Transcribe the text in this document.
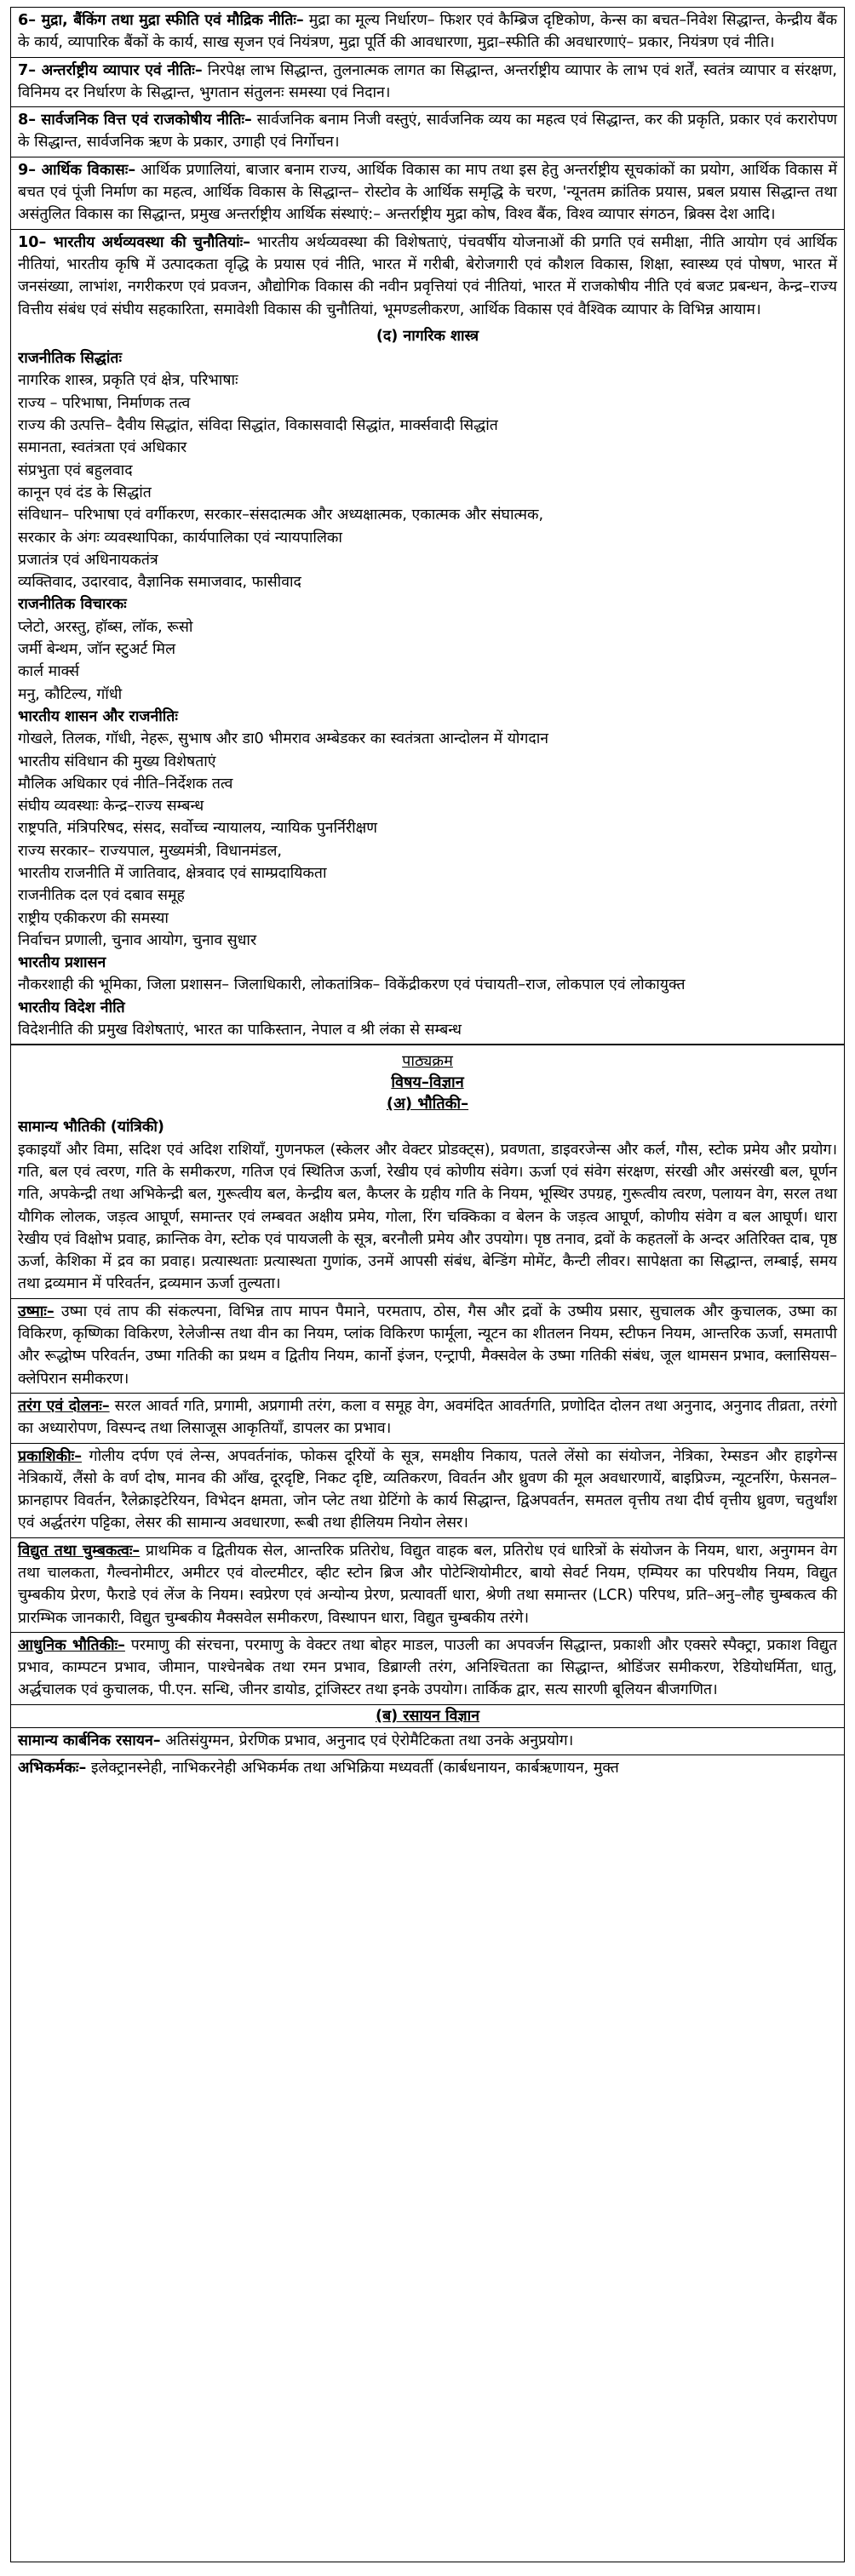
6– मुद्रा, बैंकिंग तथा मुद्रा स्फीति एवं मौद्रिक नीतिः– मुद्रा का मूल्य निर्धारण– फिशर एवं कैम्ब्रिज दृष्टिकोण, केन्स का बचत–निवेश सिद्धान्त, केन्द्रीय बैंक के कार्य, व्यापारिक बैंकों के कार्य, साख सृजन एवं नियंत्रण, मुद्रा पूर्ति की आवधारणा, मुद्रा–स्फीति की अवधारणाएं– प्रकार, नियंत्रण एवं नीति।

7– अन्तर्राष्ट्रीय व्यापार एवं नीतिः– निरपेक्ष लाभ सिद्धान्त, तुलनात्मक लागत का सिद्धान्त, अन्तर्राष्ट्रीय व्यापार के लाभ एवं शर्तें, स्वतंत्र व्यापार व संरक्षण, विनिमय दर निर्धारण के सिद्धान्त, भुगतान संतुलनः समस्या एवं निदान।

8– सार्वजनिक वित्त एवं राजकोषीय नीतिः– सार्वजनिक बनाम निजी वस्तुएं, सार्वजनिक व्यय का महत्व एवं सिद्धान्त, कर की प्रकृति, प्रकार एवं करारोपण के सिद्धान्त, सार्वजनिक ऋण के प्रकार, उगाही एवं निर्गोचन।

9– आर्थिक विकासः– आर्थिक प्रणालियां, बाजार बनाम राज्य, आर्थिक विकास का माप तथा इस हेतु अन्तर्राष्ट्रीय सूचकांकों का प्रयोग, आर्थिक विकास में बचत एवं पूंजी निर्माण का महत्व, आर्थिक विकास के सिद्धान्त– रोस्टोव के आर्थिक समृद्धि के चरण, 'न्यूनतम क्रांतिक प्रयास, प्रबल प्रयास सिद्धान्त तथा असंतुलित विकास का सिद्धान्त, प्रमुख अन्तर्राष्ट्रीय आर्थिक संस्थाएं:– अन्तर्राष्ट्रीय मुद्रा कोष, विश्व बैंक, विश्व व्यापार संगठन, ब्रिक्स देश आदि।

10– भारतीय अर्थव्यवस्था की चुनौतियांः– भारतीय अर्थव्यवस्था की विशेषताएं, पंचवर्षीय योजनाओं की प्रगति एवं समीक्षा, नीति आयोग एवं आर्थिक नीतियां, भारतीय कृषि में उत्पादकता वृद्धि के प्रयास एवं नीति, भारत में गरीबी, बेरोजगारी एवं कौशल विकास, शिक्षा, स्वास्थ्य एवं पोषण, भारत में जनसंख्या, लाभांश, नगरीकरण एवं प्रवजन, औद्योगिक विकास की नवीन प्रवृत्तियां एवं नीतियां, भारत में राजकोषीय नीति एवं बजट प्रबन्धन, केन्द्र–राज्य वित्तीय संबंध एवं संघीय सहकारिता, समावेशी विकास की चुनौतियां, भूमण्डलीकरण, आर्थिक विकास एवं वैश्विक व्यापार के विभिन्न आयाम।

(द) नागरिक शास्त्र

राजनीतिक सिद्धांतः
नागरिक शास्त्र, प्रकृति एवं क्षेत्र, परिभाषाः
राज्य – परिभाषा, निर्माणक तत्व
राज्य की उत्पत्ति– दैवीय सिद्धांत, संविदा सिद्धांत, विकासवादी सिद्धांत, मार्क्सवादी सिद्धांत
समानता, स्वतंत्रता एवं अधिकार
संप्रभुता एवं बहुलवाद
कानून एवं दंड के सिद्धांत
संविधान– परिभाषा एवं वर्गीकरण, सरकार–संसदात्मक और अध्यक्षात्मक, एकात्मक और संघात्मक,
सरकार के अंगः व्यवस्थापिका, कार्यपालिका एवं न्यायपालिका
प्रजातंत्र एवं अधिनायकतंत्र
व्यक्तिवाद, उदारवाद, वैज्ञानिक समाजवाद, फासीवाद
राजनीतिक विचारकः
प्लेटो, अरस्तु, हॉब्स, लॉक, रूसो
जर्मी बेन्थम, जॉन स्टुअर्ट मिल
कार्ल मार्क्स
मनु, कौटिल्य, गॉधी
भारतीय शासन और राजनीतिः
गोखले, तिलक, गॉधी, नेहरू, सुभाष और डा0 भीमराव अम्बेडकर का स्वतंत्रता आन्दोलन में योगदान
भारतीय संविधान की मुख्य विशेषताएं
मौलिक अधिकार एवं नीति–निर्देशक तत्व
संघीय व्यवस्थाः केन्द्र–राज्य सम्बन्ध
राष्ट्रपति, मंत्रिपरिषद, संसद, सर्वोच्च न्यायालय, न्यायिक पुनर्निरीक्षण
राज्य सरकार– राज्यपाल, मुख्यमंत्री, विधानमंडल,
भारतीय राजनीति में जातिवाद, क्षेत्रवाद एवं साम्प्रदायिकता
राजनीतिक दल एवं दबाव समूह
राष्ट्रीय एकीकरण की समस्या
निर्वाचन प्रणाली, चुनाव आयोग, चुनाव सुधार
भारतीय प्रशासन

नौकरशाही की भूमिका, जिला प्रशासन– जिलाधिकारी, लोकतांत्रिक– विकेंद्रीकरण एवं पंचायती–राज, लोकपाल एवं लोकायुक्त

भारतीय विदेश नीति
विदेशनीति की प्रमुख विशेषताएं, भारत का पाकिस्तान, नेपाल व श्री लंका से सम्बन्ध
पाठ्यक्रम
विषय–विज्ञान
(अ) भौतिकी–
सामान्य भौतिकी (यांत्रिकी)

इकाइयाँ और विमा, सदिश एवं अदिश राशियाँ, गुणनफल (स्केलर और वेक्टर प्रोडक्ट्स), प्रवणता, डाइवरजेन्स और कर्ल, गौस, स्टोक प्रमेय और प्रयोग। गति, बल एवं त्वरण, गति के समीकरण, गतिज एवं स्थितिज ऊर्जा, रेखीय एवं कोणीय संवेग। ऊर्जा एवं संवेग संरक्षण, संरखी और असंरखी बल, घूर्णन गति, अपकेन्द्री तथा अभिकेन्द्री बल, गुरूत्वीय बल, केन्द्रीय बल, कैप्लर के ग्रहीय गति के नियम, भूस्थिर उपग्रह, गुरूत्वीय त्वरण, पलायन वेग, सरल तथा यौगिक लोलक, जड़त्व आघूर्ण, समान्तर एवं लम्बवत अक्षीय प्रमेय, गोला, रिंग चक्किका व बेलन के जड़त्व आघूर्ण, कोणीय संवेग व बल आघूर्ण। धारा रेखीय एवं विक्षोभ प्रवाह, क्रान्तिक वेग, स्टोक एवं पायजली के सूत्र, बरनौली प्रमेय और उपयोग। पृष्ठ तनाव, द्रवों के कहतलों के अन्दर अतिरिक्त दाब, पृष्ठ ऊर्जा, केशिका में द्रव का प्रवाह। प्रत्यास्थताः प्रत्यास्थता गुणांक, उनमें आपसी संबंध, बेन्डिंग मोमेंट, कैन्टी लीवर। सापेक्षता का सिद्धान्त, लम्बाई, समय तथा द्रव्यमान में परिवर्तन, द्रव्यमान ऊर्जा तुल्यता।

उष्माः– उष्मा एवं ताप की संकल्पना, विभिन्न ताप मापन पैमाने, परमताप, ठोस, गैस और द्रवों के उष्मीय प्रसार, सुचालक और कुचालक, उष्मा का विकिरण, कृष्णिका विकिरण, रेलेजीन्स तथा वीन का नियम, प्लांक विकिरण फार्मूला, न्यूटन का शीतलन नियम, स्टीफन नियम, आन्तरिक ऊर्जा, समतापी और रूद्धोष्म परिवर्तन, उष्मा गतिकी का प्रथम व द्वितीय नियम, कार्नो इंजन, एन्ट्रापी, मैक्सवेल के उष्मा गतिकी संबंध, जूल थामसन प्रभाव, क्लासियस–क्लेपिरान समीकरण।

तरंग एवं दोलनः– सरल आवर्त गति, प्रगामी, अप्रगामी तरंग, कला व समूह वेग, अवमंदित आवर्तगति, प्रणोदित दोलन तथा अनुनाद, अनुनाद तीव्रता, तरंगो का अध्यारोपण, विस्पन्द तथा लिसाजूस आकृतियाँ, डापलर का प्रभाव।

प्रकाशिकीः– गोलीय दर्पण एवं लेन्स, अपवर्तनांक, फोकस दूरियों के सूत्र, समक्षीय निकाय, पतले लेंसो का संयोजन, नेत्रिका, रेम्सडन और हाइगेन्स नेत्रिकायें, लैंसो के वर्ण दोष, मानव की आँख, दूरदृष्टि, निकट दृष्टि, व्यतिकरण, विवर्तन और ध्रुवण की मूल अवधारणायें, बाइप्रिज्म, न्यूटनरिंग, फेसनल–फ्रानहापर विवर्तन, रैलेक्राइटेरियन, विभेदन क्षमता, जोन प्लेट तथा ग्रेटिंगो के कार्य सिद्धान्त, द्विअपवर्तन, समतल वृत्तीय तथा दीर्घ वृत्तीय ध्रुवण, चतुर्थांश एवं अर्द्धतरंग पट्टिका, लेसर की सामान्य अवधारणा, रूबी तथा हीलियम नियोन लेसर।

विद्युत तथा चुम्बकत्वः– प्राथमिक व द्वितीयक सेल, आन्तरिक प्रतिरोध, विद्युत वाहक बल, प्रतिरोध एवं धारित्रों के संयोजन के नियम, धारा, अनुगमन वेग तथा चालकता, गैल्वनोमीटर, अमीटर एवं वोल्टमीटर, व्हीट स्टोन ब्रिज और पोटेन्शियोमीटर, बायो सेवर्ट नियम, एम्पियर का परिपथीय नियम, विद्युत चुम्बकीय प्रेरण, फैराडे एवं लेंज के नियम। स्वप्रेरण एवं अन्योन्य प्रेरण, प्रत्यावर्ती धारा, श्रेणी तथा समान्तर (LCR) परिपथ, प्रति–अनु–लौह चुम्बकत्व की प्रारम्भिक जानकारी, विद्युत चुम्बकीय मैक्सवेल समीकरण, विस्थापन धारा, विद्युत चुम्बकीय तरंगे।

आधुनिक भौतिकीः– परमाणु की संरचना, परमाणु के वेक्टर तथा बोहर माडल, पाउली का अपवर्जन सिद्धान्त, प्रकाशी और एक्सरे स्पैक्ट्रा, प्रकाश विद्युत प्रभाव, काम्पटन प्रभाव, जीमान, पाश्चेनबेक तथा रमन प्रभाव, डिब्राग्ली तरंग, अनिश्चितता का सिद्धान्त, श्रोडिंजर समीकरण, रेडियोधर्मिता, धातु, अर्द्धचालक एवं कुचालक, पी.एन. सन्धि, जीनर डायोड, ट्रांजिस्टर तथा इनके उपयोग। तार्किक द्वार, सत्य सारणी बूलियन बीजगणित।

(ब) रसायन विज्ञान

सामान्य कार्बनिक रसायन– अतिसंयुग्मन, प्रेरणिक प्रभाव, अनुनाद एवं ऐरोमैटिकता तथा उनके अनुप्रयोग।

अभिकर्मकः– इलेक्ट्रानस्नेही, नाभिकरनेही अभिकर्मक तथा अभिक्रिया मध्यवर्ती (कार्बधनायन, कार्बऋणायन, मुक्त
